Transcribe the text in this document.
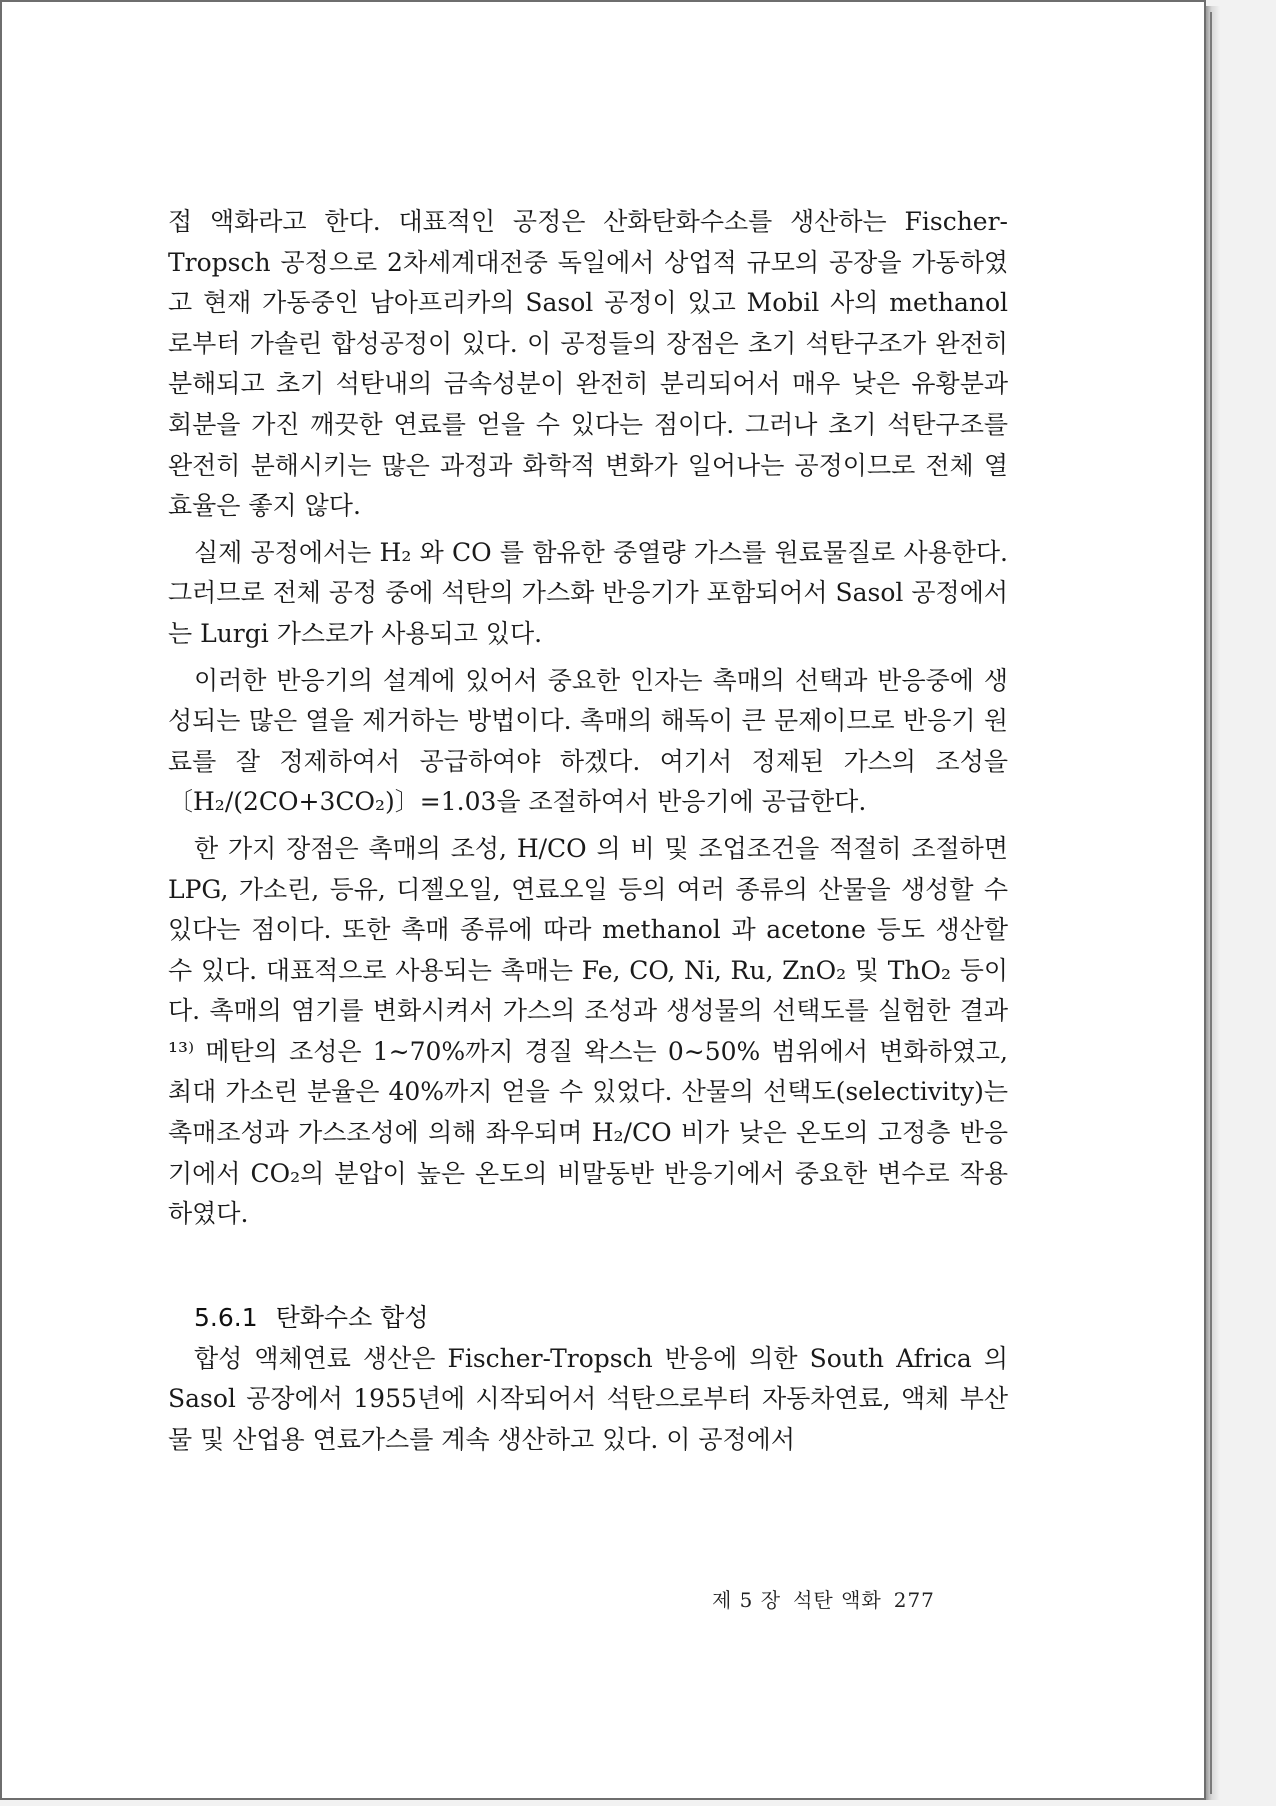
접 액화라고 한다. 대표적인 공정은 산화탄화수소를 생산하는 Fischer-Tropsch 공정으로 2차세계대전중 독일에서 상업적 규모의 공장을 가동하였고 현재 가동중인 남아프리카의 Sasol 공정이 있고 Mobil 사의 methanol 로부터 가솔린 합성공정이 있다. 이 공정들의 장점은 초기 석탄구조가 완전히 분해되고 초기 석탄내의 금속성분이 완전히 분리되어서 매우 낮은 유황분과 회분을 가진 깨끗한 연료를 얻을 수 있다는 점이다. 그러나 초기 석탄구조를 완전히 분해시키는 많은 과정과 화학적 변화가 일어나는 공정이므로 전체 열효율은 좋지 않다.

실제 공정에서는 H₂ 와 CO 를 함유한 중열량 가스를 원료물질로 사용한다. 그러므로 전체 공정 중에 석탄의 가스화 반응기가 포함되어서 Sasol 공정에서는 Lurgi 가스로가 사용되고 있다.

이러한 반응기의 설계에 있어서 중요한 인자는 촉매의 선택과 반응중에 생성되는 많은 열을 제거하는 방법이다. 촉매의 해독이 큰 문제이므로 반응기 원료를 잘 정제하여서 공급하여야 하겠다. 여기서 정제된 가스의 조성을 〔H₂/(2CO+3CO₂)〕=1.03을 조절하여서 반응기에 공급한다.

한 가지 장점은 촉매의 조성, H/CO 의 비 및 조업조건을 적절히 조절하면 LPG, 가소린, 등유, 디젤오일, 연료오일 등의 여러 종류의 산물을 생성할 수 있다는 점이다. 또한 촉매 종류에 따라 methanol 과 acetone 등도 생산할 수 있다. 대표적으로 사용되는 촉매는 Fe, CO, Ni, Ru, ZnO₂ 및 ThO₂ 등이다. 촉매의 염기를 변화시켜서 가스의 조성과 생성물의 선택도를 실험한 결과¹³⁾ 메탄의 조성은 1∼70%까지 경질 왁스는 0∼50% 범위에서 변화하였고, 최대 가소린 분율은 40%까지 얻을 수 있었다. 산물의 선택도(selectivity)는 촉매조성과 가스조성에 의해 좌우되며 H₂/CO 비가 낮은 온도의 고정층 반응기에서 CO₂의 분압이 높은 온도의 비말동반 반응기에서 중요한 변수로 작용하였다.

5.6.1 탄화수소 합성

합성 액체연료 생산은 Fischer-Tropsch 반응에 의한 South Africa 의 Sasol 공장에서 1955년에 시작되어서 석탄으로부터 자동차연료, 액체 부산물 및 산업용 연료가스를 계속 생산하고 있다. 이 공정에서

제 5 장 석탄 액화 277
